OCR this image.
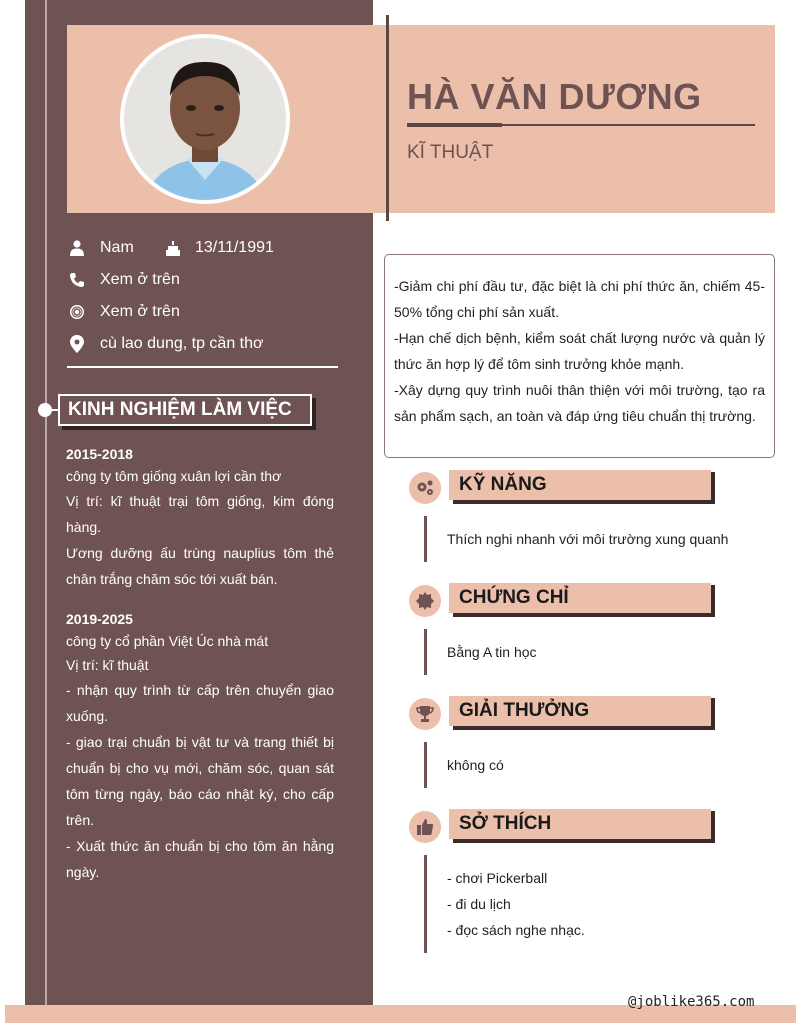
HÀ VĂN DƯƠNG
KĨ THUẬT
Nam	13/11/1991
Xem ở trên
Xem ở trên
cù lao dung, tp cần thơ
KINH NGHIỆM LÀM VIỆC
2015-2018
công ty tôm giống xuân lợi cần thơ
Vị trí: kĩ thuật trại tôm giống, kim đóng hàng.
Ương dưỡng ấu trùng nauplius tôm thẻ chân trắng chăm sóc tới xuất bán.
2019-2025
công ty cổ phần Việt Úc nhà mát
Vị trí: kĩ thuật
- nhận quy trình từ cấp trên chuyển giao xuống.
- giao trại chuẩn bị vật tư và trang thiết bị chuẩn bị cho vụ mới, chăm sóc, quan sát tôm từng ngày, báo cáo nhật ký, cho cấp trên.
- Xuất thức ăn chuẩn bị cho tôm ăn hằng ngày.
-Giảm chi phí đầu tư, đặc biệt là chi phí thức ăn, chiếm 45-50% tổng chi phí sản xuất.
-Hạn chế dịch bệnh, kiểm soát chất lượng nước và quản lý thức ăn hợp lý để tôm sinh trưởng khỏe mạnh.
-Xây dựng quy trình nuôi thân thiện với môi trường, tạo ra sản phẩm sạch, an toàn và đáp ứng tiêu chuẩn thị trường.
KỸ NĂNG
Thích nghi nhanh với môi trường xung quanh
CHỨNG CHỈ
Bằng A tin học
GIẢI THƯỞNG
không có
SỞ THÍCH
- chơi Pickerball
- đi du lịch
- đọc sách nghe nhạc.
@joblike365.com
